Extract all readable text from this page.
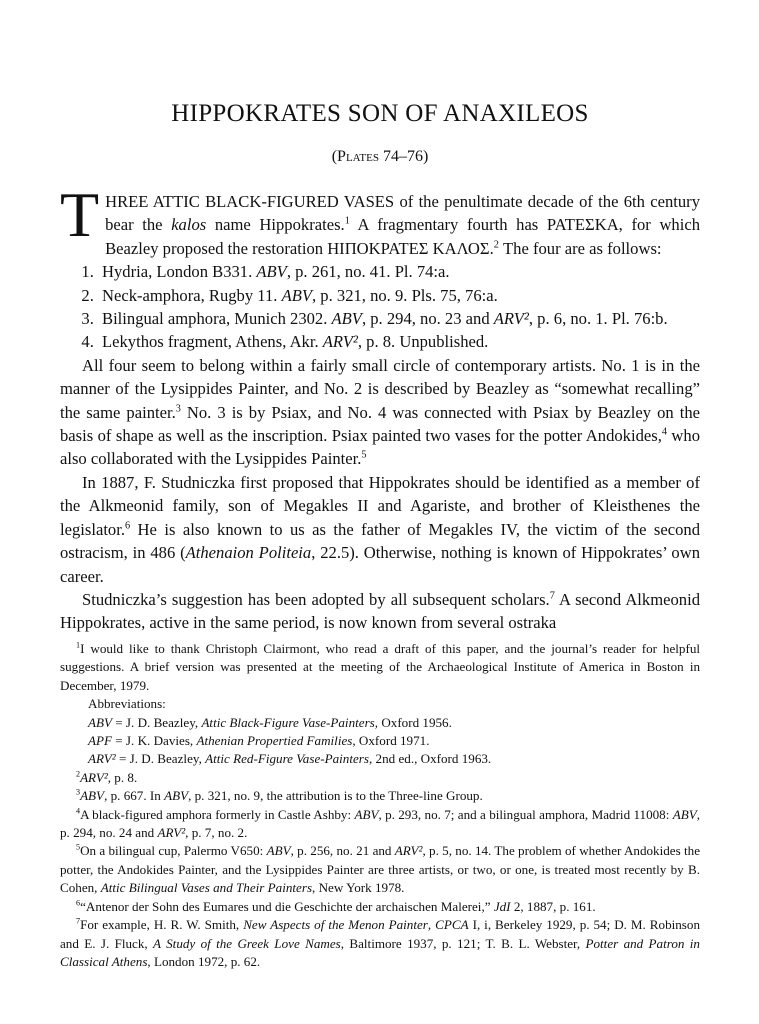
HIPPOKRATES SON OF ANAXILEOS
(Plates 74–76)

THREE ATTIC BLACK-FIGURED VASES of the penultimate decade of the 6th century bear the kalos name Hippokrates.$^1$ A fragmentary fourth has ΡΑΤΕΣΚΑ, for which Beazley proposed the restoration ΗΙΠΟΚΡΑΤΕΣ ΚΑΛΟΣ.$^2$ The four are as follows:

1. Hydria, London B331. ABV, p. 261, no. 41. Pl. 74:a.
2. Neck-amphora, Rugby 11. ABV, p. 321, no. 9. Pls. 75, 76:a.
3. Bilingual amphora, Munich 2302. ABV, p. 294, no. 23 and ARV², p. 6, no. 1. Pl. 76:b.
4. Lekythos fragment, Athens, Akr. ARV², p. 8. Unpublished.

All four seem to belong within a fairly small circle of contemporary artists. No. 1 is in the manner of the Lysippides Painter, and No. 2 is described by Beazley as “somewhat recalling” the same painter.$^3$ No. 3 is by Psiax, and No. 4 was connected with Psiax by Beazley on the basis of shape as well as the inscription. Psiax painted two vases for the potter Andokides,$^4$ who also collaborated with the Lysippides Painter.$^5$

In 1887, F. Studniczka first proposed that Hippokrates should be identified as a member of the Alkmeonid family, son of Megakles II and Agariste, and brother of Kleisthenes the legislator.$^6$ He is also known to us as the father of Megakles IV, the victim of the second ostracism, in 486 (Athenaion Politeia, 22.5). Otherwise, nothing is known of Hippokrates’ own career.

Studniczka’s suggestion has been adopted by all subsequent scholars.$^7$ A second Alkmeonid Hippokrates, active in the same period, is now known from several ostraka

$^1$I would like to thank Christoph Clairmont, who read a draft of this paper, and the journal’s reader for helpful suggestions. A brief version was presented at the meeting of the Archaeological Institute of America in Boston in December, 1979.

Abbreviations:

ABV = J. D. Beazley, Attic Black-Figure Vase-Painters, Oxford 1956.

APF = J. K. Davies, Athenian Propertied Families, Oxford 1971.

ARV² = J. D. Beazley, Attic Red-Figure Vase-Painters, 2nd ed., Oxford 1963.

$^2$ARV², p. 8.

$^3$ABV, p. 667. In ABV, p. 321, no. 9, the attribution is to the Three-line Group.

$^4$A black-figured amphora formerly in Castle Ashby: ABV, p. 293, no. 7; and a bilingual amphora, Madrid 11008: ABV, p. 294, no. 24 and ARV², p. 7, no. 2.

$^5$On a bilingual cup, Palermo V650: ABV, p. 256, no. 21 and ARV², p. 5, no. 14. The problem of whether Andokides the potter, the Andokides Painter, and the Lysippides Painter are three artists, or two, or one, is treated most recently by B. Cohen, Attic Bilingual Vases and Their Painters, New York 1978.

$^6$“Antenor der Sohn des Eumares und die Geschichte der archaischen Malerei,” JdI 2, 1887, p. 161.

$^7$For example, H. R. W. Smith, New Aspects of the Menon Painter, CPCA I, i, Berkeley 1929, p. 54; D. M. Robinson and E. J. Fluck, A Study of the Greek Love Names, Baltimore 1937, p. 121; T. B. L. Webster, Potter and Patron in Classical Athens, London 1972, p. 62.
